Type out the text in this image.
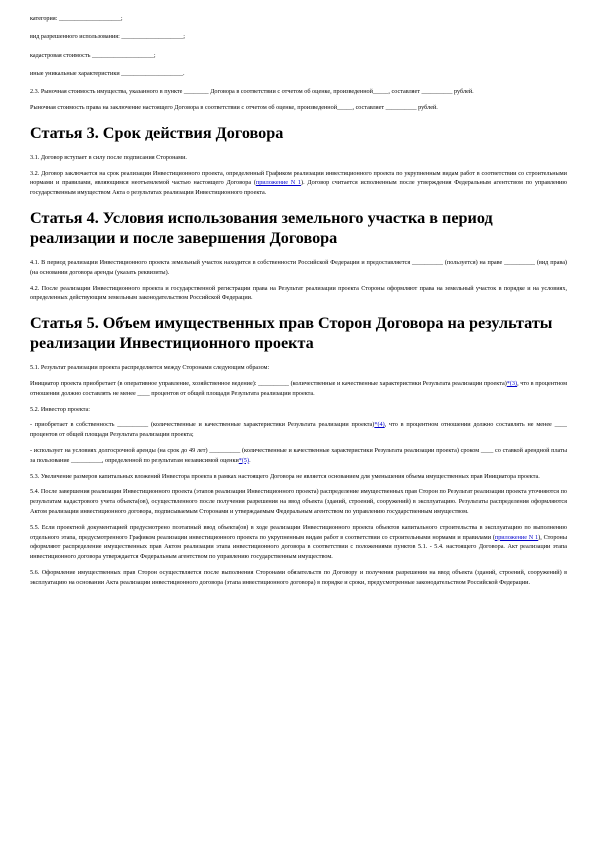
категория: ____________________;

вид разрешенного использования: ____________________;

кадастровая стоимость ____________________;

иные уникальные характеристики ____________________.

2.3. Рыночная стоимость имущества, указанного в пункте ________ Договора в соответствии с отчетом об оценке, произведенной_____, составляет __________ рублей.

Рыночная стоимость права на заключение настоящего Договора в соответствии с отчетом об оценке, произведенной_____, составляет __________ рублей.

Статья 3. Срок действия Договора

3.1. Договор вступает в силу после подписания Сторонами.

3.2. Договор заключается на срок реализации Инвестиционного проекта, определенный Графиком реализации инвестиционного проекта по укрупненным видам работ в соответствии со строительными нормами и правилами, являющимся неотъемлемой частью настоящего Договора (приложение N 1). Договор считается исполненным после утверждения Федеральным агентством по управлению государственным имуществом Акта о результатах реализации Инвестиционного проекта.

Статья 4. Условия использования земельного участка в период реализации и после завершения Договора

4.1. В период реализации Инвестиционного проекта земельный участок находится в собственности Российской Федерации и предоставляется __________ (пользуется) на праве __________ (вид права) (на основании договора аренды (указать реквизиты).

4.2. После реализации Инвестиционного проекта и государственной регистрации права на Результат реализации проекта Стороны оформляют права на земельный участок в порядке и на условиях, определенных действующим земельным законодательством Российской Федерации.

Статья 5. Объем имущественных прав Сторон Договора на результаты реализации Инвестиционного проекта

5.1. Результат реализации проекта распределяется между Сторонами следующим образом:

Инициатор проекта приобретает (в оперативное управление, хозяйственное ведение): __________ (количественные и качественные характеристики Результата реализации проекта)*(3), что в процентном отношении должно составлять не менее ____ процентов от общей площади Результата реализации проекта.

5.2. Инвестор проекта:

- приобретает в собственность __________ (количественные и качественные характеристики Результата реализации проекта)*(4), что в процентном отношении должно составлять не менее ____ процентов от общей площади Результата реализации проекта;

- использует на условиях долгосрочной аренды (на срок до 49 лет) __________ (количественные и качественные характеристики Результата реализации проекта) сроком ____ со ставкой арендной платы за пользование __________, определенной по результатам независимой оценки*(5).

5.3. Увеличение размеров капитальных вложений Инвестора проекта в рамках настоящего Договора не является основанием для уменьшения объема имущественных прав Инициатора проекта.

5.4. После завершения реализации Инвестиционного проекта (этапов реализации Инвестиционного проекта) распределение имущественных прав Сторон по Результат реализации проекта уточняются по результатам кадастрового учета объекта(ов), осуществленного после получения разрешения на ввод объекта (зданий, строений, сооружений) в эксплуатацию. Результаты распределения оформляются Актом реализации инвестиционного договора, подписываемым Сторонами и утверждаемым Федеральным агентством по управлению государственным имуществом.

5.5. Если проектной документацией предусмотрено поэтапный ввод объекта(ов) в ходе реализации Инвестиционного проекта объектов капитального строительства в эксплуатацию по выполнению отдельного этапа, предусмотренного Графиком реализации инвестиционного проекта по укрупненным видам работ в соответствии со строительными нормами и правилами (приложение N 1), Стороны оформляют распределение имущественных прав Актом реализации этапа инвестиционного договора в соответствии с положениями пунктов 5.1. - 5.4. настоящего Договора. Акт реализации этапа инвестиционного договора утверждается Федеральным агентством по управлению государственным имуществом.

5.6. Оформление имущественных прав Сторон осуществляется после выполнения Сторонами обязательств по Договору и получения разрешения на ввод объекта (зданий, строений, сооружений) в эксплуатацию на основании Акта реализации инвестиционного договора (этапа инвестиционного договора) в порядке и сроки, предусмотренные законодательством Российской Федерации.
